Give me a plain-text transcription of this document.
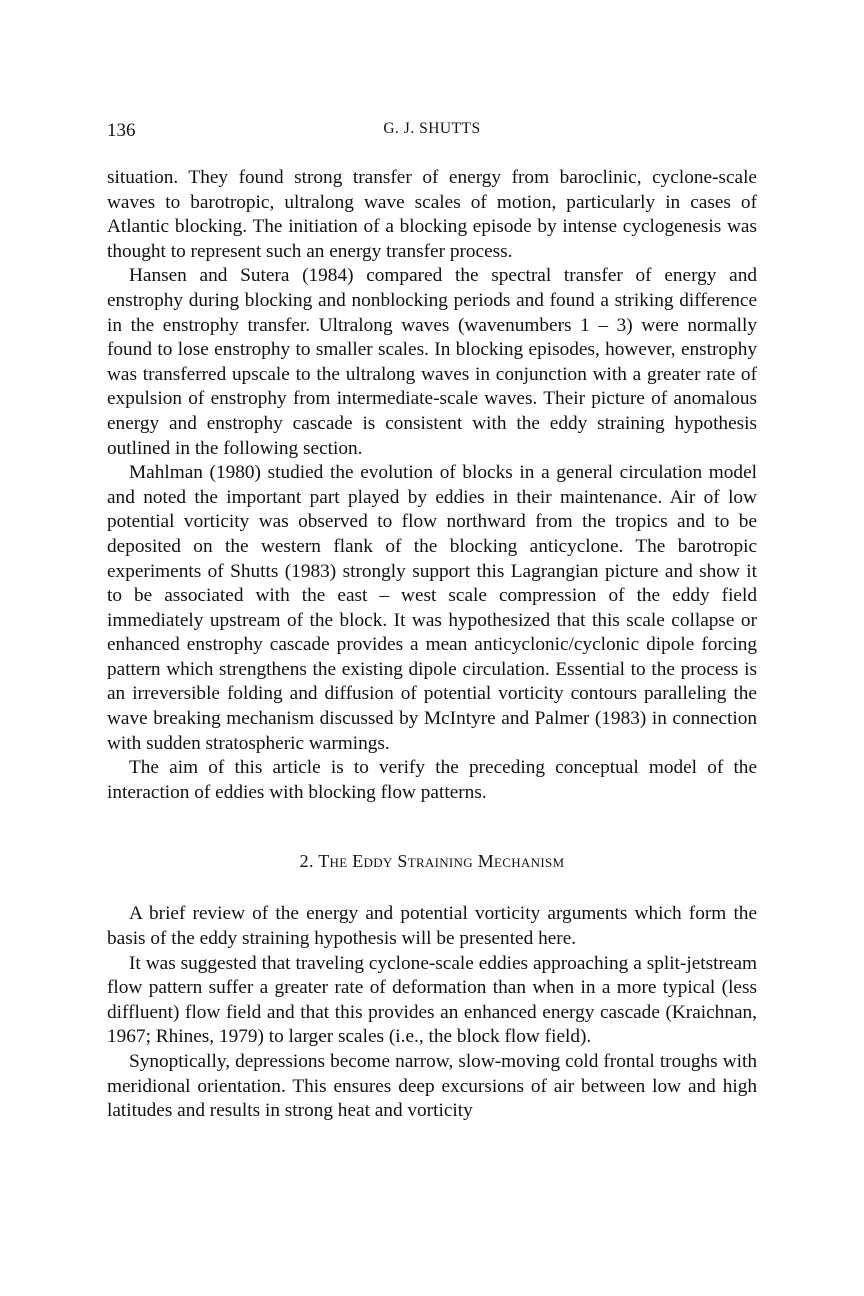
136	G. J. SHUTTS

situation. They found strong transfer of energy from baroclinic, cyclone-scale waves to barotropic, ultralong wave scales of motion, particularly in cases of Atlantic blocking. The initiation of a blocking episode by intense cyclogenesis was thought to represent such an energy transfer process.

Hansen and Sutera (1984) compared the spectral transfer of energy and enstrophy during blocking and nonblocking periods and found a striking difference in the enstrophy transfer. Ultralong waves (wavenumbers 1 – 3) were normally found to lose enstrophy to smaller scales. In blocking episodes, however, enstrophy was transferred upscale to the ultralong waves in conjunction with a greater rate of expulsion of enstrophy from intermediate-scale waves. Their picture of anomalous energy and enstrophy cascade is consistent with the eddy straining hypothesis outlined in the following section.

Mahlman (1980) studied the evolution of blocks in a general circulation model and noted the important part played by eddies in their maintenance. Air of low potential vorticity was observed to flow northward from the tropics and to be deposited on the western flank of the blocking anticyclone. The barotropic experiments of Shutts (1983) strongly support this Lagrangian picture and show it to be associated with the east – west scale compression of the eddy field immediately upstream of the block. It was hypothesized that this scale collapse or enhanced enstrophy cascade provides a mean anticyclonic/cyclonic dipole forcing pattern which strengthens the existing dipole circulation. Essential to the process is an irreversible folding and diffusion of potential vorticity contours paralleling the wave breaking mechanism discussed by McIntyre and Palmer (1983) in connection with sudden stratospheric warmings.

The aim of this article is to verify the preceding conceptual model of the interaction of eddies with blocking flow patterns.

2. The Eddy Straining Mechanism

A brief review of the energy and potential vorticity arguments which form the basis of the eddy straining hypothesis will be presented here.

It was suggested that traveling cyclone-scale eddies approaching a split-jetstream flow pattern suffer a greater rate of deformation than when in a more typical (less diffluent) flow field and that this provides an enhanced energy cascade (Kraichnan, 1967; Rhines, 1979) to larger scales (i.e., the block flow field).

Synoptically, depressions become narrow, slow-moving cold frontal troughs with meridional orientation. This ensures deep excursions of air between low and high latitudes and results in strong heat and vorticity
